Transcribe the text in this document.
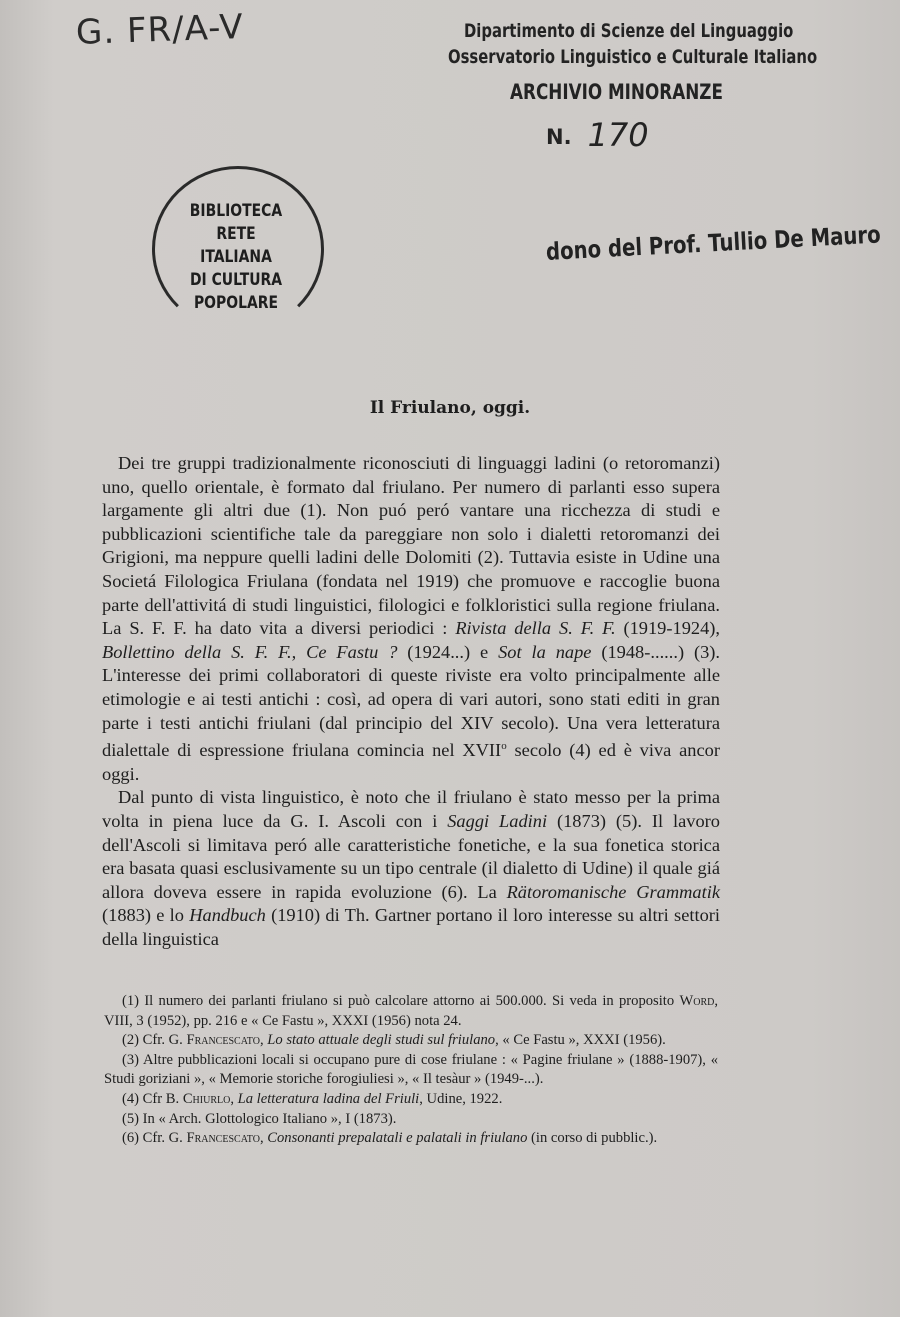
G. FR/A-V	Dipartimento di Scienze del Linguaggio
Osservatorio Linguistico e Culturale Italiano
ARCHIVIO MINORANZE
N. 170
BIBLIOTECA
RETE ITALIANA
DI CULTURA
POPOLARE
dono del Prof. Tullio De Mauro
Il Friulano, oggi.

Dei tre gruppi tradizionalmente riconosciuti di linguaggi ladini (o retoromanzi) uno, quello orientale, è formato dal friulano. Per numero di parlanti esso supera largamente gli altri due (1). Non puó peró vantare una ricchezza di studi e pubblicazioni scientifiche tale da pareggiare non solo i dialetti retoromanzi dei Grigioni, ma neppure quelli ladini delle Dolomiti (2). Tuttavia esiste in Udine una Societá Filologica Friulana (fondata nel 1919) che promuove e raccoglie buona parte dell'attivitá di studi linguistici, filologici e folkloristici sulla regione friulana. La S. F. F. ha dato vita a diversi periodici : Rivista della S. F. F. (1919-1924), Bollettino della S. F. F., Ce Fastu ? (1924...) e Sot la nape (1948-......) (3). L'interesse dei primi collaboratori di queste riviste era volto principalmente alle etimologie e ai testi antichi : così, ad opera di vari autori, sono stati editi in gran parte i testi antichi friulani (dal principio del XIV secolo). Una vera letteratura dialettale di espressione friulana comincia nel XVII$^o$ secolo (4) ed è viva ancor oggi.

Dal punto di vista linguistico, è noto che il friulano è stato messo per la prima volta in piena luce da G. I. Ascoli con i Saggi Ladini (1873) (5). Il lavoro dell'Ascoli si limitava peró alle caratteristiche fonetiche, e la sua fonetica storica era basata quasi esclusivamente su un tipo centrale (il dialetto di Udine) il quale giá allora doveva essere in rapida evoluzione (6). La Rätoromanische Grammatik (1883) e lo Handbuch (1910) di Th. Gartner portano il loro interesse su altri settori della linguistica

(1) Il numero dei parlanti friulano si può calcolare attorno ai 500.000. Si veda in proposito Word, VIII, 3 (1952), pp. 216 e « Ce Fastu », XXXI (1956) nota 24.
(2) Cfr. G. Francescato, Lo stato attuale degli studi sul friulano, « Ce Fastu », XXXI (1956).
(3) Altre pubblicazioni locali si occupano pure di cose friulane : « Pagine friulane » (1888-1907), « Studi goriziani », « Memorie storiche forogiuliesi », « Il tesàur » (1949-...).
(4) Cfr B. Chiurlo, La letteratura ladina del Friuli, Udine, 1922.
(5) In « Arch. Glottologico Italiano », I (1873).
(6) Cfr. G. Francescato, Consonanti prepalatali e palatali in friulano (in corso di pubblic.).
